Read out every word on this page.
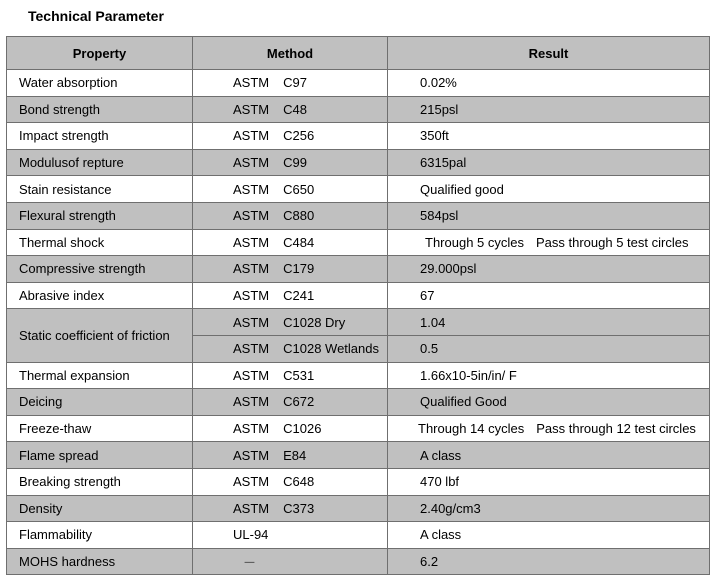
Technical Parameter
Property	Method	Result
Water absorption	ASTM C97	0.02%
Bond strength	ASTM C48	215psl
Impact strength	ASTM C256	350ft
Modulusof repture	ASTM C99	6315pal
Stain resistance	ASTM C650	Qualified good
Flexural strength	ASTM C880	584psl
Thermal shock	ASTM C484	Through 5 cycles Pass through 5 test circles
Compressive strength	ASTM C179	29.000psl
Abrasive index	ASTM C241	67
Static coefficient of friction	ASTM C1028 Dry	1.04
	ASTM C1028 Wetlands	0.5
Thermal expansion	ASTM C531	1.66x10-5in/in/ F
Deicing	ASTM C672	Qualified Good
Freeze-thaw	ASTM C1026	Through 14 cycles Pass through 12 test circles
Flame spread	ASTM E84	A class
Breaking strength	ASTM C648	470 lbf
Density	ASTM C373	2.40g/cm3
Flammability	UL-94	A class
MOHS hardness	－	6.2
